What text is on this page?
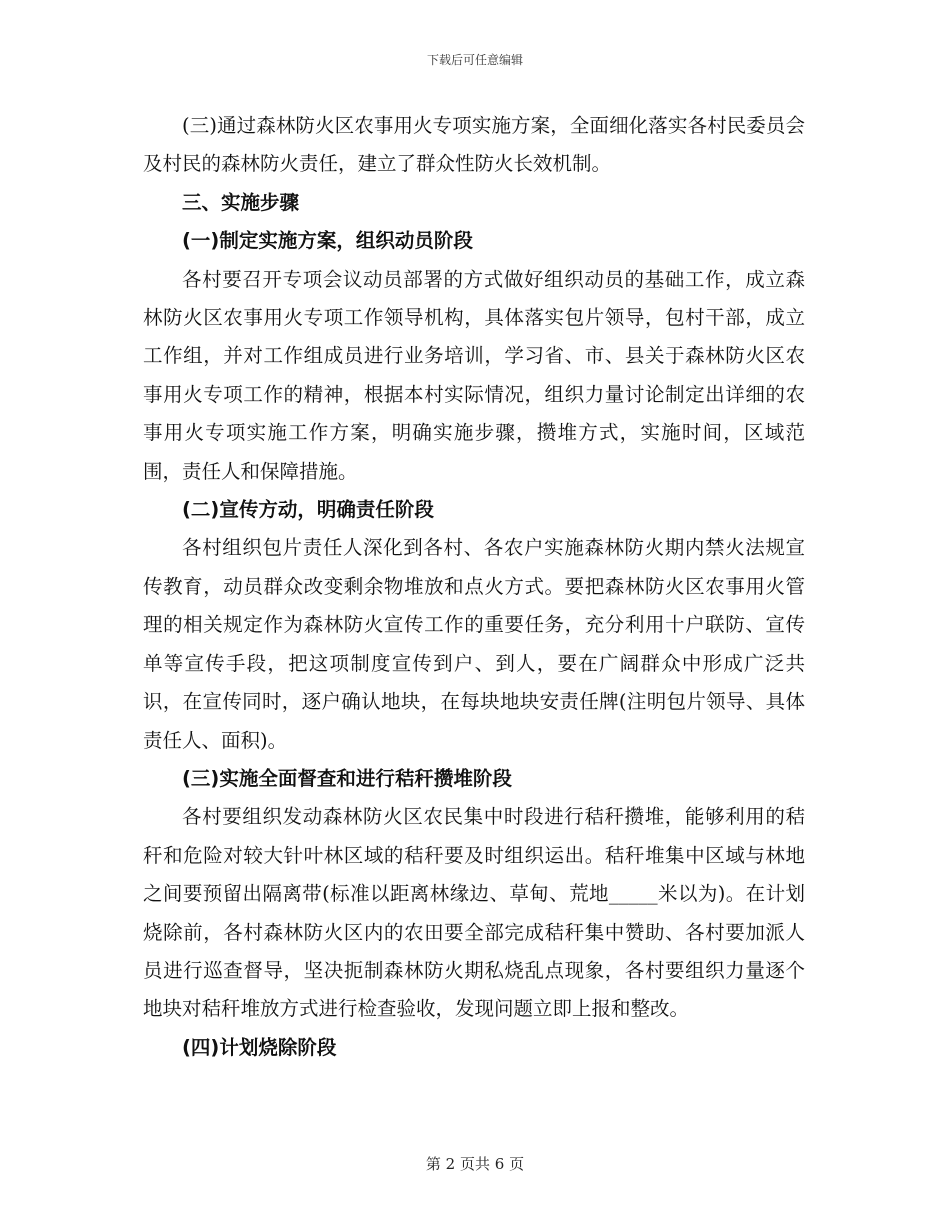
下载后可任意编辑

(三)通过森林防火区农事用火专项实施方案，全面细化落实各村民委员会及村民的森林防火责任，建立了群众性防火长效机制。

三、实施步骤

(一)制定实施方案，组织动员阶段

各村要召开专项会议动员部署的方式做好组织动员的基础工作，成立森林防火区农事用火专项工作领导机构，具体落实包片领导，包村干部，成立工作组，并对工作组成员进行业务培训，学习省、市、县关于森林防火区农事用火专项工作的精神，根据本村实际情况，组织力量讨论制定出详细的农事用火专项实施工作方案，明确实施步骤，攒堆方式，实施时间，区域范围，责任人和保障措施。

(二)宣传方动，明确责任阶段

各村组织包片责任人深化到各村、各农户实施森林防火期内禁火法规宣传教育，动员群众改变剩余物堆放和点火方式。要把森林防火区农事用火管理的相关规定作为森林防火宣传工作的重要任务，充分利用十户联防、宣传单等宣传手段，把这项制度宣传到户、到人，要在广阔群众中形成广泛共识，在宣传同时，逐户确认地块，在每块地块安责任牌(注明包片领导、具体责任人、面积)。

(三)实施全面督查和进行秸秆攒堆阶段

各村要组织发动森林防火区农民集中时段进行秸秆攒堆，能够利用的秸秆和危险对较大针叶林区域的秸秆要及时组织运出。秸秆堆集中区域与林地之间要预留出隔离带(标准以距离林缘边、草甸、荒地_____米以为)。在计划烧除前，各村森林防火区内的农田要全部完成秸秆集中赞助、各村要加派人员进行巡查督导，坚决扼制森林防火期私烧乱点现象，各村要组织力量逐个地块对秸秆堆放方式进行检查验收，发现问题立即上报和整改。

(四)计划烧除阶段

第 2 页共 6 页
